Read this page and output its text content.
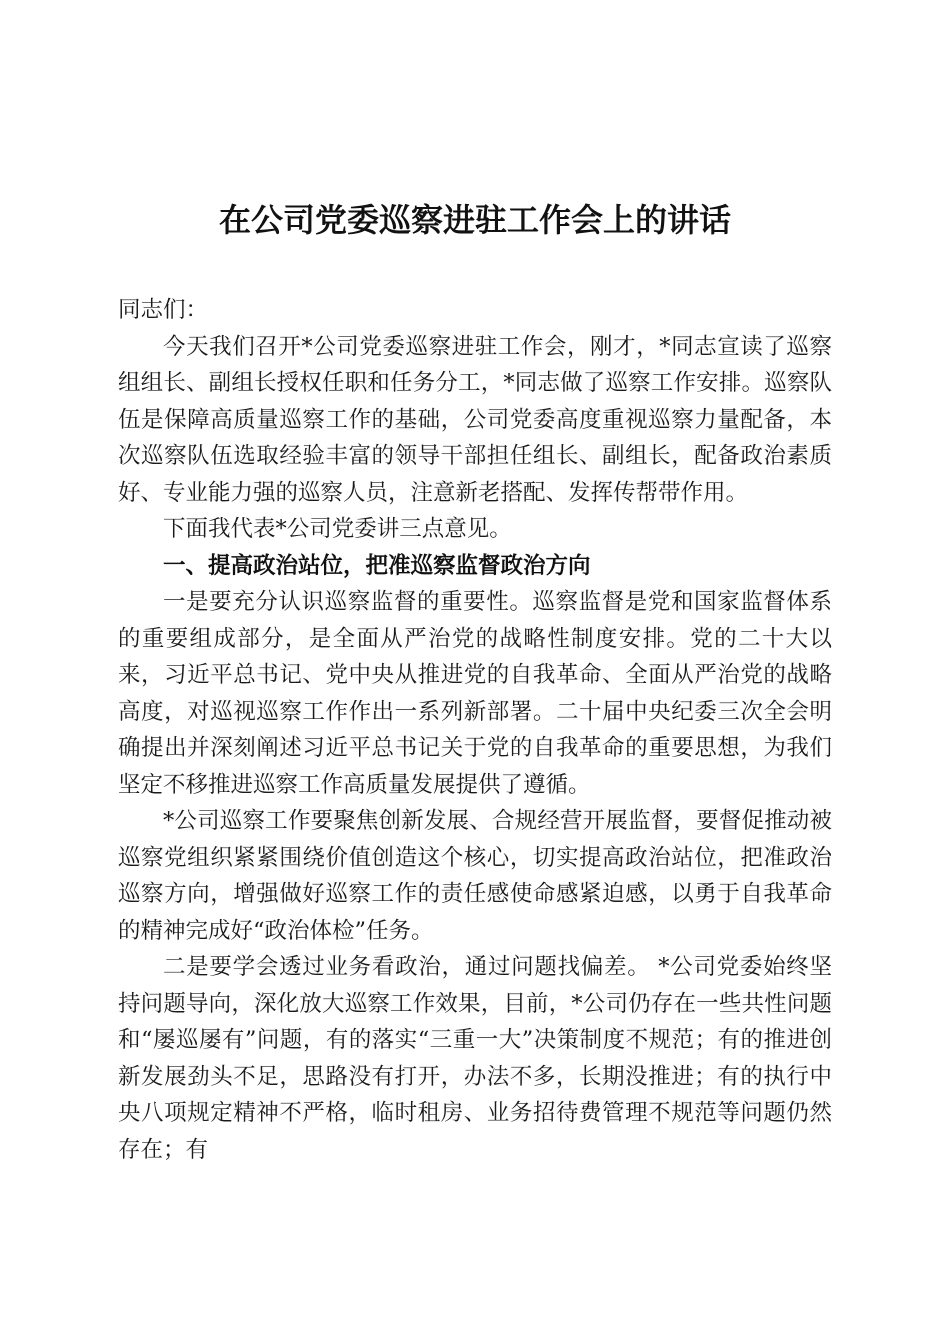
在公司党委巡察进驻工作会上的讲话

同志们：

今天我们召开*公司党委巡察进驻工作会，刚才，*同志宣读了巡察组组长、副组长授权任职和任务分工，*同志做了巡察工作安排。巡察队伍是保障高质量巡察工作的基础，公司党委高度重视巡察力量配备，本次巡察队伍选取经验丰富的领导干部担任组长、副组长，配备政治素质好、专业能力强的巡察人员，注意新老搭配、发挥传帮带作用。

下面我代表*公司党委讲三点意见。

一、提高政治站位，把准巡察监督政治方向

一是要充分认识巡察监督的重要性。巡察监督是党和国家监督体系的重要组成部分，是全面从严治党的战略性制度安排。党的二十大以来，习近平总书记、党中央从推进党的自我革命、全面从严治党的战略高度，对巡视巡察工作作出一系列新部署。二十届中央纪委三次全会明确提出并深刻阐述习近平总书记关于党的自我革命的重要思想，为我们坚定不移推进巡察工作高质量发展提供了遵循。

*公司巡察工作要聚焦创新发展、合规经营开展监督，要督促推动被巡察党组织紧紧围绕价值创造这个核心，切实提高政治站位，把准政治巡察方向，增强做好巡察工作的责任感使命感紧迫感，以勇于自我革命的精神完成好“政治体检”任务。

二是要学会透过业务看政治，通过问题找偏差。 *公司党委始终坚持问题导向，深化放大巡察工作效果，目前，*公司仍存在一些共性问题和“屡巡屡有”问题，有的落实“三重一大”决策制度不规范；有的推进创新发展劲头不足，思路没有打开，办法不多，长期没推进；有的执行中央八项规定精神不严格，临时租房、业务招待费管理不规范等问题仍然存在；有
